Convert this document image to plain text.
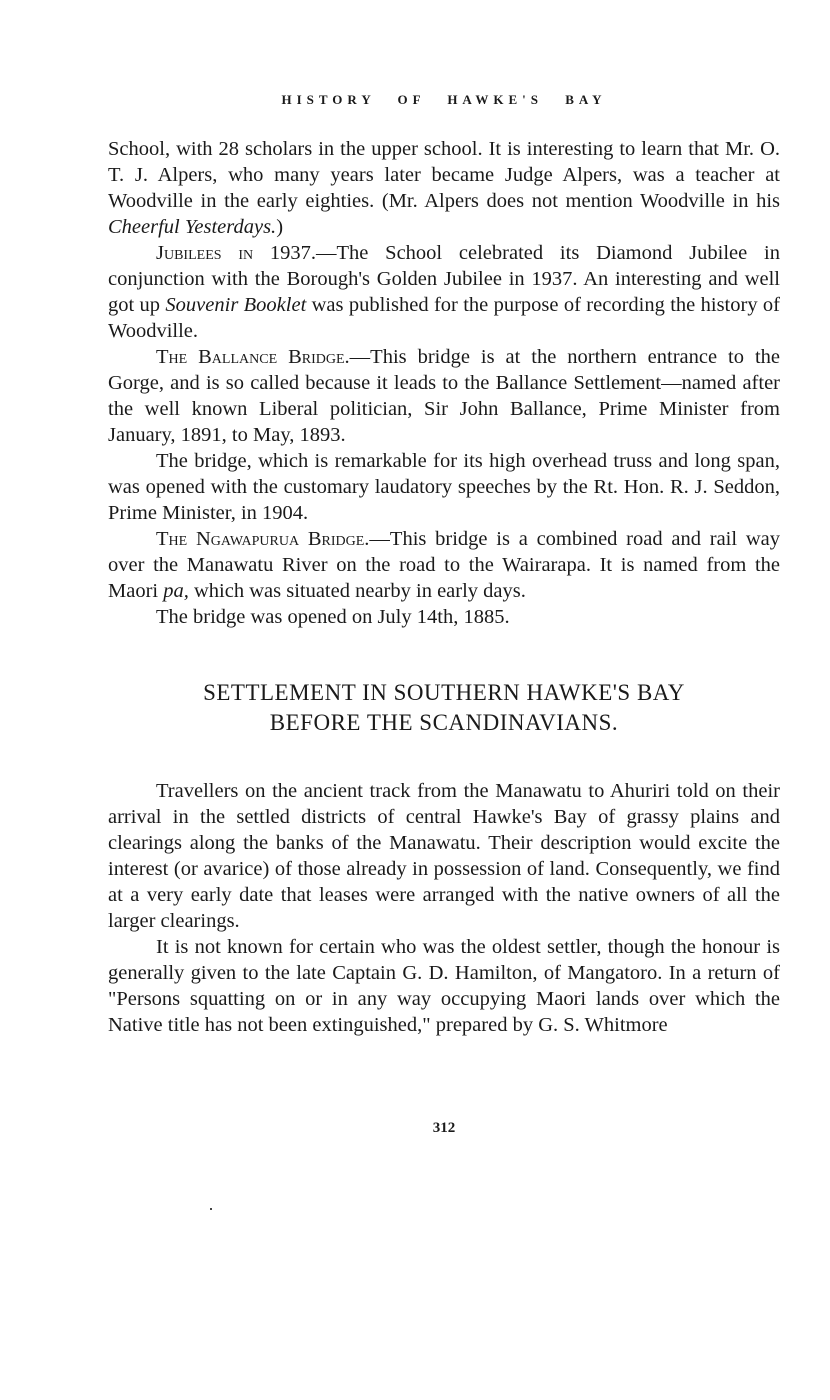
HISTORY OF HAWKE'S BAY

School, with 28 scholars in the upper school. It is interesting to learn that Mr. O. T. J. Alpers, who many years later became Judge Alpers, was a teacher at Woodville in the early eighties. (Mr. Alpers does not mention Woodville in his Cheerful Yesterdays.)

Jubilees in 1937.—The School celebrated its Diamond Jubilee in conjunction with the Borough's Golden Jubilee in 1937. An interesting and well got up Souvenir Booklet was published for the purpose of recording the history of Woodville.

The Ballance Bridge.—This bridge is at the northern entrance to the Gorge, and is so called because it leads to the Ballance Settlement—named after the well known Liberal politician, Sir John Ballance, Prime Minister from January, 1891, to May, 1893.

The bridge, which is remarkable for its high overhead truss and long span, was opened with the customary laudatory speeches by the Rt. Hon. R. J. Seddon, Prime Minister, in 1904.

The Ngawapurua Bridge.—This bridge is a combined road and rail way over the Manawatu River on the road to the Wairarapa. It is named from the Maori pa, which was situated nearby in early days.

The bridge was opened on July 14th, 1885.

SETTLEMENT IN SOUTHERN HAWKE'S BAY
BEFORE THE SCANDINAVIANS.

Travellers on the ancient track from the Manawatu to Ahuriri told on their arrival in the settled districts of central Hawke's Bay of grassy plains and clearings along the banks of the Manawatu. Their description would excite the interest (or avarice) of those already in possession of land. Consequently, we find at a very early date that leases were arranged with the native owners of all the larger clearings.

It is not known for certain who was the oldest settler, though the honour is generally given to the late Captain G. D. Hamilton, of Mangatoro. In a return of "Persons squatting on or in any way occupying Maori lands over which the Native title has not been extinguished," prepared by G. S. Whitmore

312
